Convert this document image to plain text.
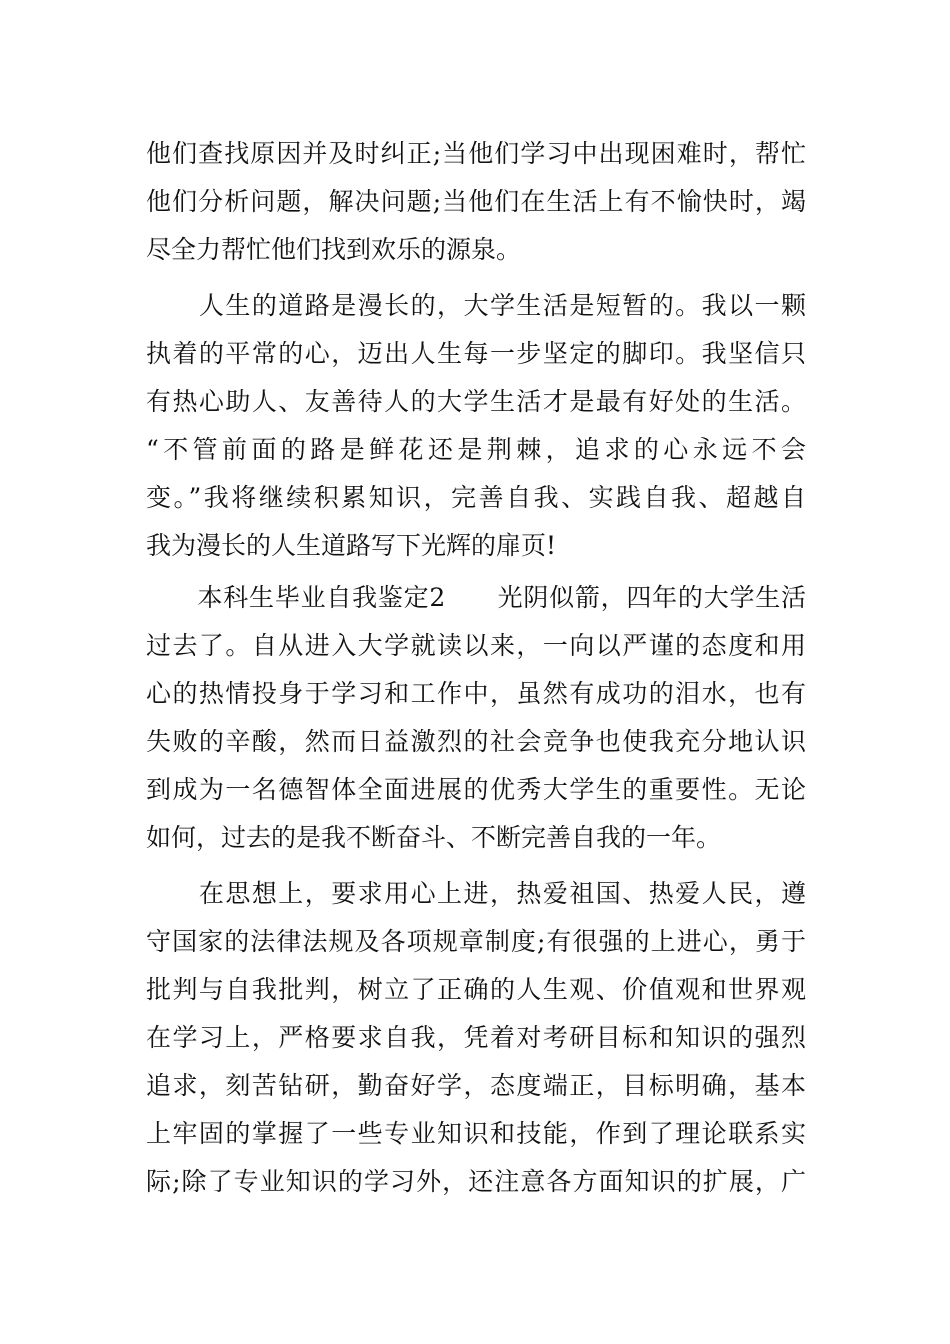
他们查找原因并及时纠正;当他们学习中出现困难时，帮忙
他们分析问题，解决问题;当他们在生活上有不愉快时，竭
尽全力帮忙他们找到欢乐的源泉。
　　人生的道路是漫长的，大学生活是短暂的。我以一颗
执着的平常的心，迈出人生每一步坚定的脚印。我坚信只
有热心助人、友善待人的大学生活才是最有好处的生活。
“不管前面的路是鲜花还是荆棘，追求的心永远不会
变。”我将继续积累知识，完善自我、实践自我、超越自
我为漫长的人生道路写下光辉的扉页!
　　本科生毕业自我鉴定2　　光阴似箭，四年的大学生活
过去了。自从进入大学就读以来，一向以严谨的态度和用
心的热情投身于学习和工作中，虽然有成功的泪水，也有
失败的辛酸，然而日益激烈的社会竞争也使我充分地认识
到成为一名德智体全面进展的优秀大学生的重要性。无论
如何，过去的是我不断奋斗、不断完善自我的一年。
　　在思想上，要求用心上进，热爱祖国、热爱人民，遵
守国家的法律法规及各项规章制度;有很强的上进心，勇于
批判与自我批判，树立了正确的人生观、价值观和世界观
在学习上，严格要求自我，凭着对考研目标和知识的强烈
追求，刻苦钻研，勤奋好学，态度端正，目标明确，基本
上牢固的掌握了一些专业知识和技能，作到了理论联系实
际;除了专业知识的学习外，还注意各方面知识的扩展，广
